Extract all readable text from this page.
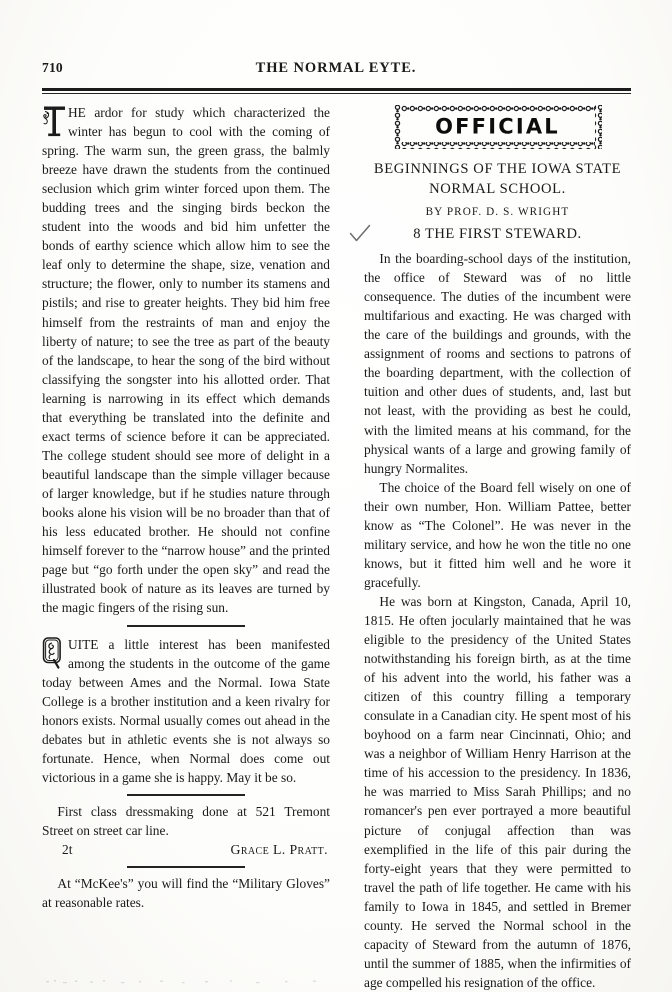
710	THE NORMAL EYTE.

HE ardor for study which characterized the winter has begun to cool with the coming of spring. The warm sun, the green grass, the balmly breeze have drawn the students from the continued seclusion which grim winter forced upon them. The budding trees and the singing birds beckon the student into the woods and bid him unfetter the bonds of earthy science which allow him to see the leaf only to determine the shape, size, venation and structure; the flower, only to number its stamens and pistils; and rise to greater heights. They bid him free himself from the restraints of man and enjoy the liberty of nature; to see the tree as part of the beauty of the landscape, to hear the song of the bird without classifying the songster into his allotted order. That learning is narrowing in its effect which demands that everything be translated into the definite and exact terms of science before it can be appreciated. The college student should see more of delight in a beautiful landscape than the simple villager because of larger knowledge, but if he studies nature through books alone his vision will be no broader than that of his less educated brother. He should not confine himself forever to the “narrow house” and the printed page but “go forth under the open sky” and read the illustrated book of nature as its leaves are turned by the magic fingers of the rising sun.

UITE a little interest has been manifested among the students in the outcome of the game today between Ames and the Normal. Iowa State College is a brother institution and a keen rivalry for honors exists. Normal usually comes out ahead in the debates but in athletic events she is not always so fortunate. Hence, when Normal does come out victorious in a game she is happy. May it be so.

First class dressmaking done at 521 Tremont Street on street car line.

2t	Grace L. Pratt.

At “McKee's” you will find the “Military Gloves” at reasonable rates.

OFFICIAL
BEGINNINGS OF THE IOWA STATE NORMAL SCHOOL.
BY PROF. D. S. WRIGHT
8 THE FIRST STEWARD.

In the boarding-school days of the institution, the office of Steward was of no little consequence. The duties of the incumbent were multifarious and exacting. He was charged with the care of the buildings and grounds, with the assignment of rooms and sections to patrons of the boarding department, with the collection of tuition and other dues of students, and, last but not least, with the providing as best he could, with the limited means at his command, for the physical wants of a large and growing family of hungry Normalites.

The choice of the Board fell wisely on one of their own number, Hon. William Pattee, better know as “The Colonel”. He was never in the military service, and how he won the title no one knows, but it fitted him well and he wore it gracefully.

He was born at Kingston, Canada, April 10, 1815. He often jocularly maintained that he was eligible to the presidency of the United States notwithstanding his foreign birth, as at the time of his advent into the world, his father was a citizen of this country filling a temporary consulate in a Canadian city. He spent most of his boyhood on a farm near Cincinnati, Ohio; and was a neighbor of William Henry Harrison at the time of his accession to the presidency. In 1836, he was married to Miss Sarah Phillips; and no romancer's pen ever portrayed a more beautiful picture of conjugal affection than was exemplified in the life of this pair during the forty-eight years that they were permitted to travel the path of life together. He came with his family to Iowa in 1845, and settled in Bremer county. He served the Normal school in the capacity of Steward from the autumn of 1876, until the summer of 1885, when the infirmities of age compelled his resignation of the office.
